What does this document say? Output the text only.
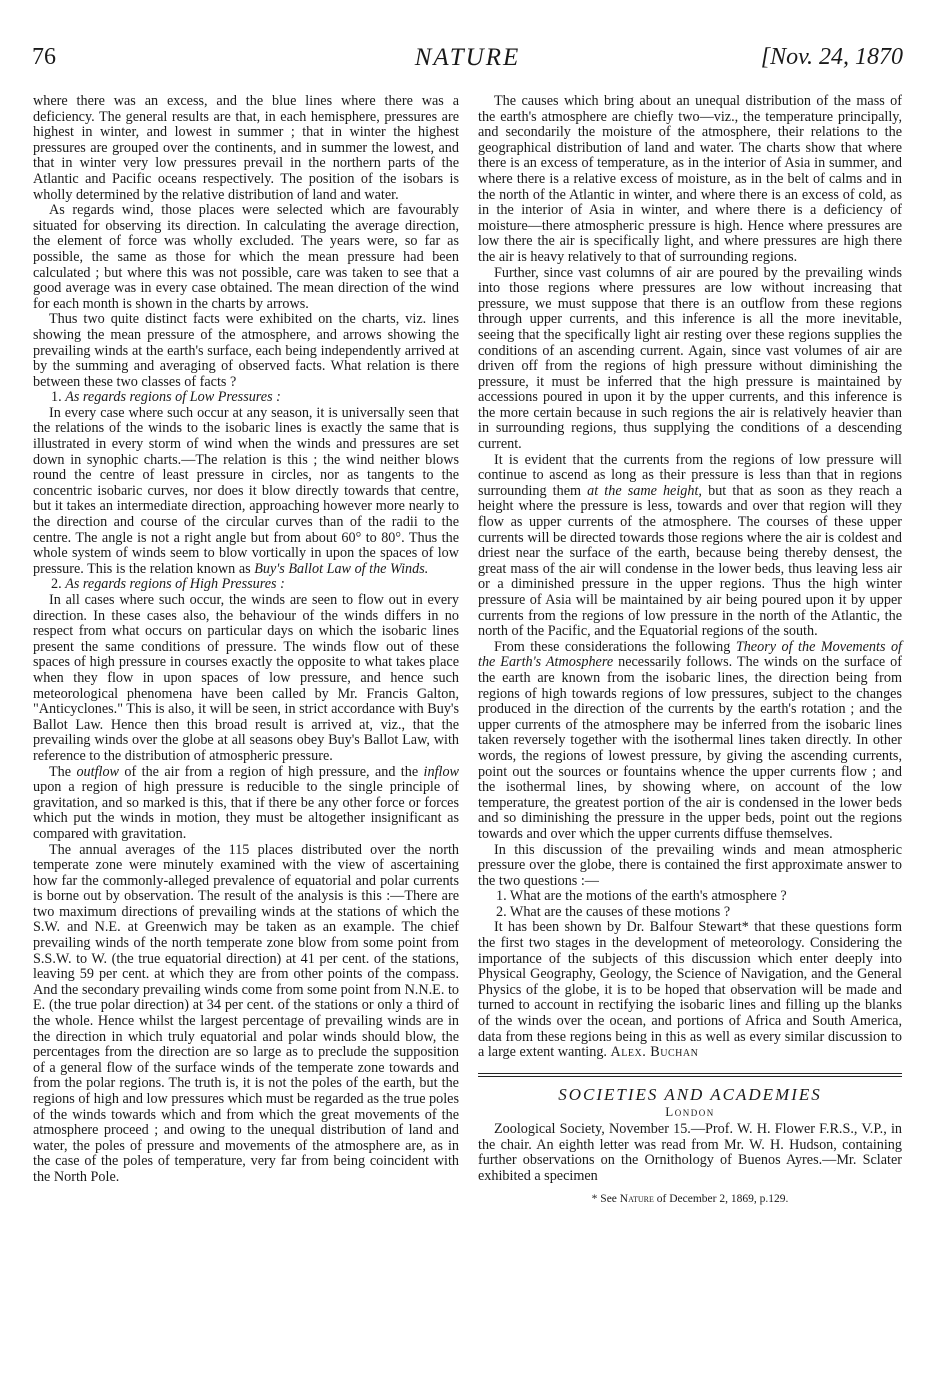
76	NATURE	[Nov. 24, 1870

where there was an excess, and the blue lines where there was a deficiency. The general results are that, in each hemisphere, pressures are highest in winter, and lowest in summer ; that in winter the highest pressures are grouped over the continents, and in summer the lowest, and that in winter very low pressures prevail in the northern parts of the Atlantic and Pacific oceans respectively. The position of the isobars is wholly determined by the relative distribution of land and water.

As regards wind, those places were selected which are favourably situated for observing its direction. In calculating the average direction, the element of force was wholly excluded. The years were, so far as possible, the same as those for which the mean pressure had been calculated ; but where this was not possible, care was taken to see that a good average was in every case obtained. The mean direction of the wind for each month is shown in the charts by arrows.

Thus two quite distinct facts were exhibited on the charts, viz. lines showing the mean pressure of the atmosphere, and arrows showing the prevailing winds at the earth's surface, each being independently arrived at by the summing and averaging of observed facts. What relation is there between these two classes of facts ?

1. As regards regions of Low Pressures :

In every case where such occur at any season, it is universally seen that the relations of the winds to the isobaric lines is exactly the same that is illustrated in every storm of wind when the winds and pressures are set down in synophic charts.—The relation is this ; the wind neither blows round the centre of least pressure in circles, nor as tangents to the concentric isobaric curves, nor does it blow directly towards that centre, but it takes an intermediate direction, approaching however more nearly to the direction and course of the circular curves than of the radii to the centre. The angle is not a right angle but from about 60° to 80°. Thus the whole system of winds seem to blow vortically in upon the spaces of low pressure. This is the relation known as Buy's Ballot Law of the Winds.

2. As regards regions of High Pressures :

In all cases where such occur, the winds are seen to flow out in every direction. In these cases also, the behaviour of the winds differs in no respect from what occurs on particular days on which the isobaric lines present the same conditions of pressure. The winds flow out of these spaces of high pressure in courses exactly the opposite to what takes place when they flow in upon spaces of low pressure, and hence such meteorological phenomena have been called by Mr. Francis Galton, "Anticyclones." This is also, it will be seen, in strict accordance with Buy's Ballot Law. Hence then this broad result is arrived at, viz., that the prevailing winds over the globe at all seasons obey Buy's Ballot Law, with reference to the distribution of atmospheric pressure.

The outflow of the air from a region of high pressure, and the inflow upon a region of high pressure is reducible to the single principle of gravitation, and so marked is this, that if there be any other force or forces which put the winds in motion, they must be altogether insignificant as compared with gravitation.

The annual averages of the 115 places distributed over the north temperate zone were minutely examined with the view of ascertaining how far the commonly-alleged prevalence of equatorial and polar currents is borne out by observation. The result of the analysis is this :—There are two maximum directions of prevailing winds at the stations of which the S.W. and N.E. at Greenwich may be taken as an example. The chief prevailing winds of the north temperate zone blow from some point from S.S.W. to W. (the true equatorial direction) at 41 per cent. of the stations, leaving 59 per cent. at which they are from other points of the compass. And the secondary prevailing winds come from some point from N.N.E. to E. (the true polar direction) at 34 per cent. of the stations or only a third of the whole. Hence whilst the largest percentage of prevailing winds are in the direction in which truly equatorial and polar winds should blow, the percentages from the direction are so large as to preclude the supposition of a general flow of the surface winds of the temperate zone towards and from the polar regions. The truth is, it is not the poles of the earth, but the regions of high and low pressures which must be regarded as the true poles of the winds towards which and from which the great movements of the atmosphere proceed ; and owing to the unequal distribution of land and water, the poles of pressure and movements of the atmosphere are, as in the case of the poles of temperature, very far from being coincident with the North Pole.

The causes which bring about an unequal distribution of the mass of the earth's atmosphere are chiefly two—viz., the temperature principally, and secondarily the moisture of the atmosphere, their relations to the geographical distribution of land and water. The charts show that where there is an excess of temperature, as in the interior of Asia in summer, and where there is a relative excess of moisture, as in the belt of calms and in the north of the Atlantic in winter, and where there is an excess of cold, as in the interior of Asia in winter, and where there is a deficiency of moisture—there atmospheric pressure is high. Hence where pressures are low there the air is specifically light, and where pressures are high there the air is heavy relatively to that of surrounding regions.

Further, since vast columns of air are poured by the prevailing winds into those regions where pressures are low without increasing that pressure, we must suppose that there is an outflow from these regions through upper currents, and this inference is all the more inevitable, seeing that the specifically light air resting over these regions supplies the conditions of an ascending current. Again, since vast volumes of air are driven off from the regions of high pressure without diminishing the pressure, it must be inferred that the high pressure is maintained by accessions poured in upon it by the upper currents, and this inference is the more certain because in such regions the air is relatively heavier than in surrounding regions, thus supplying the conditions of a descending current.

It is evident that the currents from the regions of low pressure will continue to ascend as long as their pressure is less than that in regions surrounding them at the same height, but that as soon as they reach a height where the pressure is less, towards and over that region will they flow as upper currents of the atmosphere. The courses of these upper currents will be directed towards those regions where the air is coldest and driest near the surface of the earth, because being thereby densest, the great mass of the air will condense in the lower beds, thus leaving less air or a diminished pressure in the upper regions. Thus the high winter pressure of Asia will be maintained by air being poured upon it by upper currents from the regions of low pressure in the north of the Atlantic, the north of the Pacific, and the Equatorial regions of the south.

From these considerations the following Theory of the Movements of the Earth's Atmosphere necessarily follows. The winds on the surface of the earth are known from the isobaric lines, the direction being from regions of high towards regions of low pressures, subject to the changes produced in the direction of the currents by the earth's rotation ; and the upper currents of the atmosphere may be inferred from the isobaric lines taken reversely together with the isothermal lines taken directly. In other words, the regions of lowest pressure, by giving the ascending currents, point out the sources or fountains whence the upper currents flow ; and the isothermal lines, by showing where, on account of the low temperature, the greatest portion of the air is condensed in the lower beds and so diminishing the pressure in the upper beds, point out the regions towards and over which the upper currents diffuse themselves.

In this discussion of the prevailing winds and mean atmospheric pressure over the globe, there is contained the first approximate answer to the two questions :—

1. What are the motions of the earth's atmosphere ?

2. What are the causes of these motions ?

It has been shown by Dr. Balfour Stewart* that these questions form the first two stages in the development of meteorology. Considering the importance of the subjects of this discussion which enter deeply into Physical Geography, Geology, the Science of Navigation, and the General Physics of the globe, it is to be hoped that observation will be made and turned to account in rectifying the isobaric lines and filling up the blanks of the winds over the ocean, and portions of Africa and South America, data from these regions being in this as well as every similar discussion to a large extent wanting. Alex. Buchan

SOCIETIES AND ACADEMIES
London

Zoological Society, November 15.—Prof. W. H. Flower F.R.S., V.P., in the chair. An eighth letter was read from Mr. W. H. Hudson, containing further observations on the Ornithology of Buenos Ayres.—Mr. Sclater exhibited a specimen

* See Nature of December 2, 1869, p.129.
